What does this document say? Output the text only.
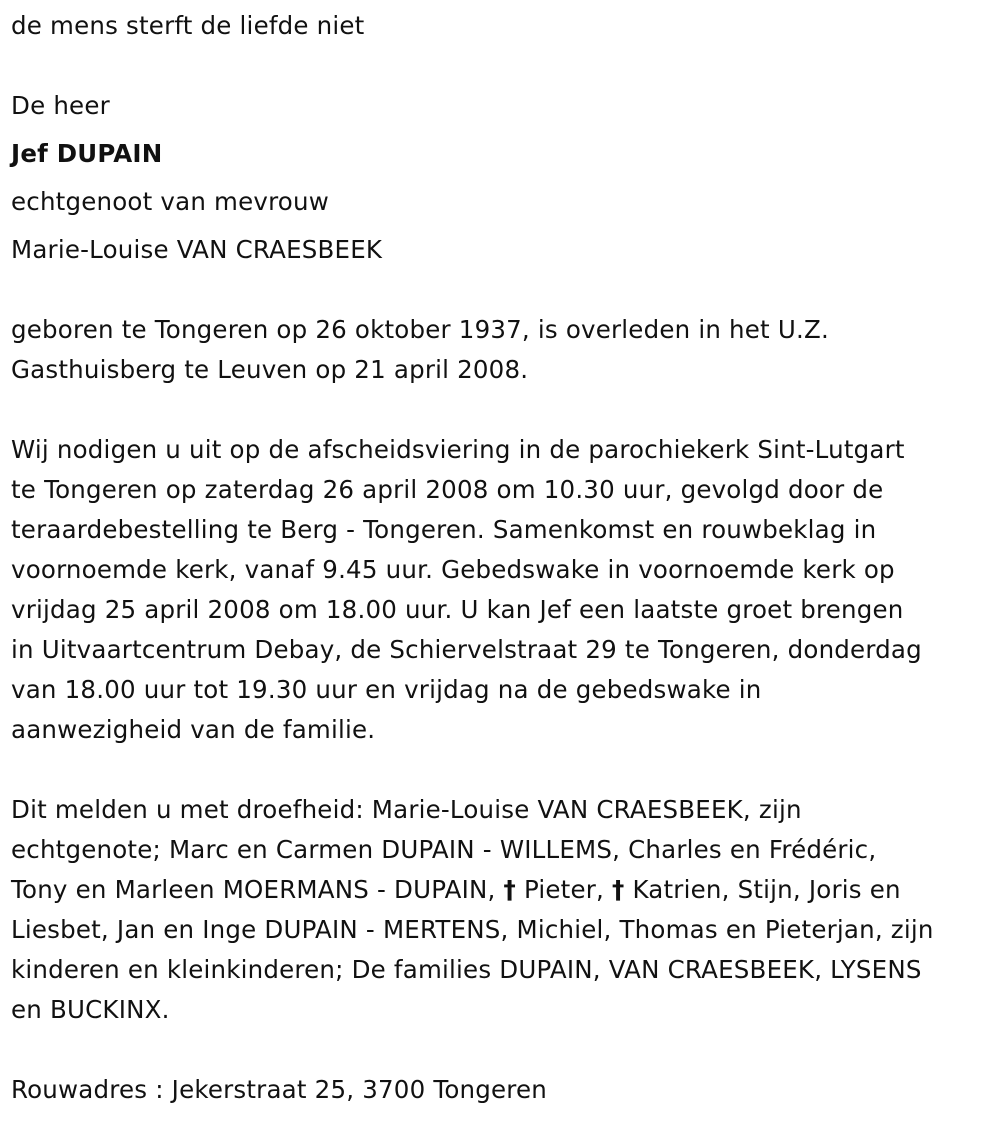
de mens sterft de liefde niet
De heer
Jef DUPAIN
echtgenoot van mevrouw
Marie-Louise VAN CRAESBEEK
geboren te Tongeren op 26 oktober 1937, is overleden in het U.Z.
Gasthuisberg te Leuven op 21 april 2008.
Wij nodigen u uit op de afscheidsviering in de parochiekerk Sint-Lutgart
te Tongeren op zaterdag 26 april 2008 om 10.30 uur, gevolgd door de
teraardebestelling te Berg - Tongeren. Samenkomst en rouwbeklag in
voornoemde kerk, vanaf 9.45 uur. Gebedswake in voornoemde kerk op
vrijdag 25 april 2008 om 18.00 uur. U kan Jef een laatste groet brengen
in Uitvaartcentrum Debay, de Schiervelstraat 29 te Tongeren, donderdag
van 18.00 uur tot 19.30 uur en vrijdag na de gebedswake in
aanwezigheid van de familie.
Dit melden u met droefheid: Marie-Louise VAN CRAESBEEK, zijn
echtgenote; Marc en Carmen DUPAIN - WILLEMS, Charles en Frédéric,
Tony en Marleen MOERMANS - DUPAIN, † Pieter, † Katrien, Stijn, Joris en
Liesbet, Jan en Inge DUPAIN - MERTENS, Michiel, Thomas en Pieterjan, zijn
kinderen en kleinkinderen; De families DUPAIN, VAN CRAESBEEK, LYSENS
en BUCKINX.
Rouwadres : Jekerstraat 25, 3700 Tongeren
